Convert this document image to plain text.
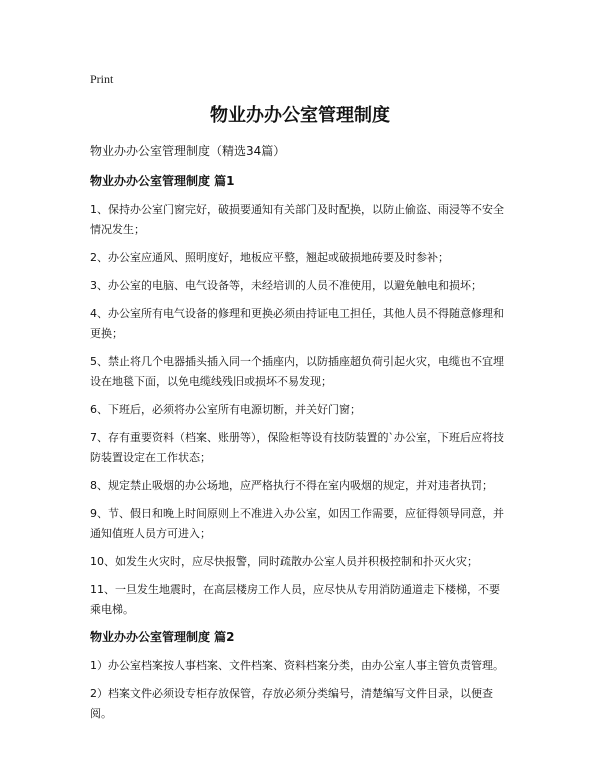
Print
物业办办公室管理制度
物业办办公室管理制度（精选34篇）
物业办办公室管理制度 篇1

1、保持办公室门窗完好，破损要通知有关部门及时配换，以防止偷盗、雨浸等不安全情况发生；

2、办公室应通风、照明度好，地板应平整，翘起或破损地砖要及时参补；

3、办公室的电脑、电气设备等，未经培训的人员不准使用，以避免触电和损坏；

4、办公室所有电气设备的修理和更换必须由持证电工担任，其他人员不得随意修理和更换；

5、禁止将几个电器插头插入同一个插座内，以防插座超负荷引起火灾，电缆也不宜埋设在地毯下面，以免电缆线残旧或损坏不易发现；

6、下班后，必须将办公室所有电源切断，并关好门窗；

7、存有重要资料（档案、账册等），保险柜等设有技防装置的`办公室，下班后应将技防装置设定在工作状态；

8、规定禁止吸烟的办公场地，应严格执行不得在室内吸烟的规定，并对违者执罚；

9、节、假日和晚上时间原则上不准进入办公室，如因工作需要，应征得领导同意，并通知值班人员方可进入；

10、如发生火灾时，应尽快报警，同时疏散办公室人员并积极控制和扑灭火灾；

11、一旦发生地震时，在高层楼房工作人员，应尽快从专用消防通道走下楼梯，不要乘电梯。

物业办办公室管理制度 篇2

1）办公室档案按人事档案、文件档案、资料档案分类，由办公室人事主管负责管理。

2）档案文件必须设专柜存放保管，存放必须分类编号，清楚编写文件目录，以便查阅。
